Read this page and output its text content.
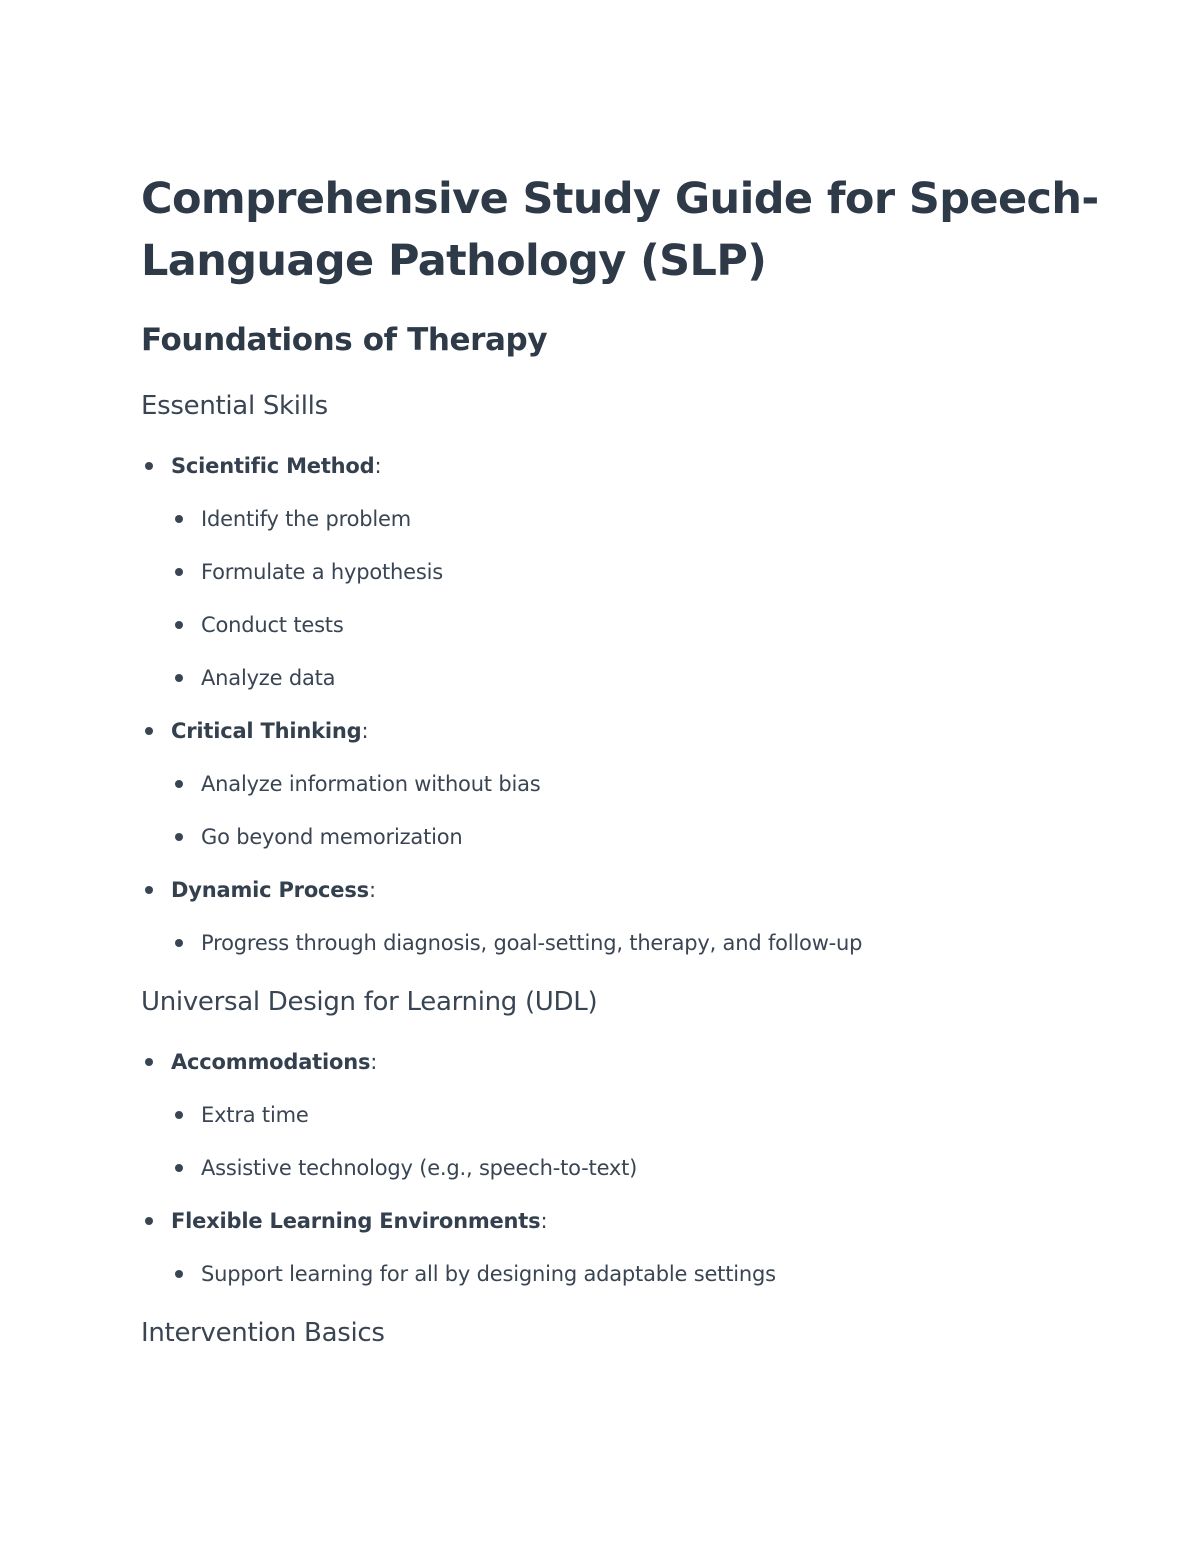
Comprehensive Study Guide for Speech-Language Pathology (SLP)
Foundations of Therapy
Essential Skills
Scientific Method:
Identify the problem
Formulate a hypothesis
Conduct tests
Analyze data
Critical Thinking:
Analyze information without bias
Go beyond memorization
Dynamic Process:
Progress through diagnosis, goal-setting, therapy, and follow-up
Universal Design for Learning (UDL)
Accommodations:
Extra time
Assistive technology (e.g., speech-to-text)
Flexible Learning Environments:
Support learning for all by designing adaptable settings
Intervention Basics
